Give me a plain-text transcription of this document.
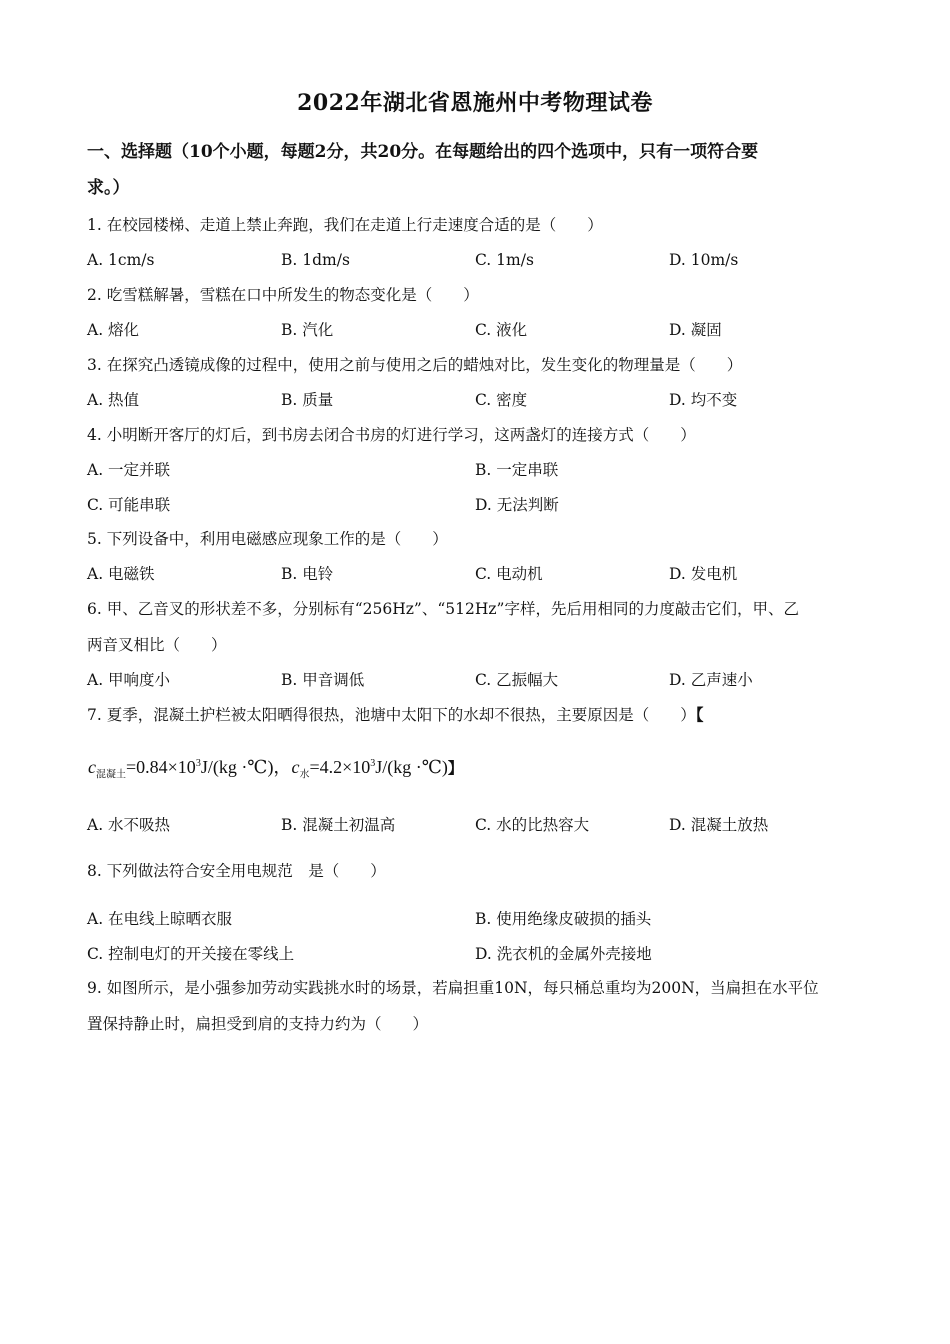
2022年湖北省恩施州中考物理试卷
一、选择题（10个小题，每题2分，共20分。在每题给出的四个选项中，只有一项符合要
求。）
1. 在校园楼梯、走道上禁止奔跑，我们在走道上行走速度合适的是（　　）
A. 1cm/s	B. 1dm/s	C. 1m/s	D. 10m/s
2. 吃雪糕解暑，雪糕在口中所发生的物态变化是（　　）
A. 熔化	B. 汽化	C. 液化	D. 凝固
3. 在探究凸透镜成像的过程中，使用之前与使用之后的蜡烛对比，发生变化的物理量是（　　）
A. 热值	B. 质量	C. 密度	D. 均不变
4. 小明断开客厅的灯后，到书房去闭合书房的灯进行学习，这两盏灯的连接方式（　　）
A. 一定并联	B. 一定串联
C. 可能串联	D. 无法判断
5. 下列设备中，利用电磁感应现象工作的是（　　）
A. 电磁铁	B. 电铃	C. 电动机	D. 发电机
6. 甲、乙音叉的形状差不多，分别标有“256Hz”、“512Hz”字样，先后用相同的力度敲击它们，甲、乙
两音叉相比（　　）
A. 甲响度小	B. 甲音调低	C. 乙振幅大	D. 乙声速小
7. 夏季，混凝土护栏被太阳晒得很热，池塘中太阳下的水却不很热，主要原因是（　　）【
$c_{混凝土}=0.84\times 10^3J/(kg$ ·℃)，$c_水=4.2\times 10^3J/(kg$ ·℃)】
A. 水不吸热	B. 混凝土初温高	C. 水的比热容大	D. 混凝土放热
8. 下列做法符合安全用电规范　是（　　）
A. 在电线上晾晒衣服	B. 使用绝缘皮破损的插头
C. 控制电灯的开关接在零线上	D. 洗衣机的金属外壳接地
9. 如图所示，是小强参加劳动实践挑水时的场景，若扁担重10N，每只桶总重均为200N，当扁担在水平位
置保持静止时，扁担受到肩的支持力约为（　　）
